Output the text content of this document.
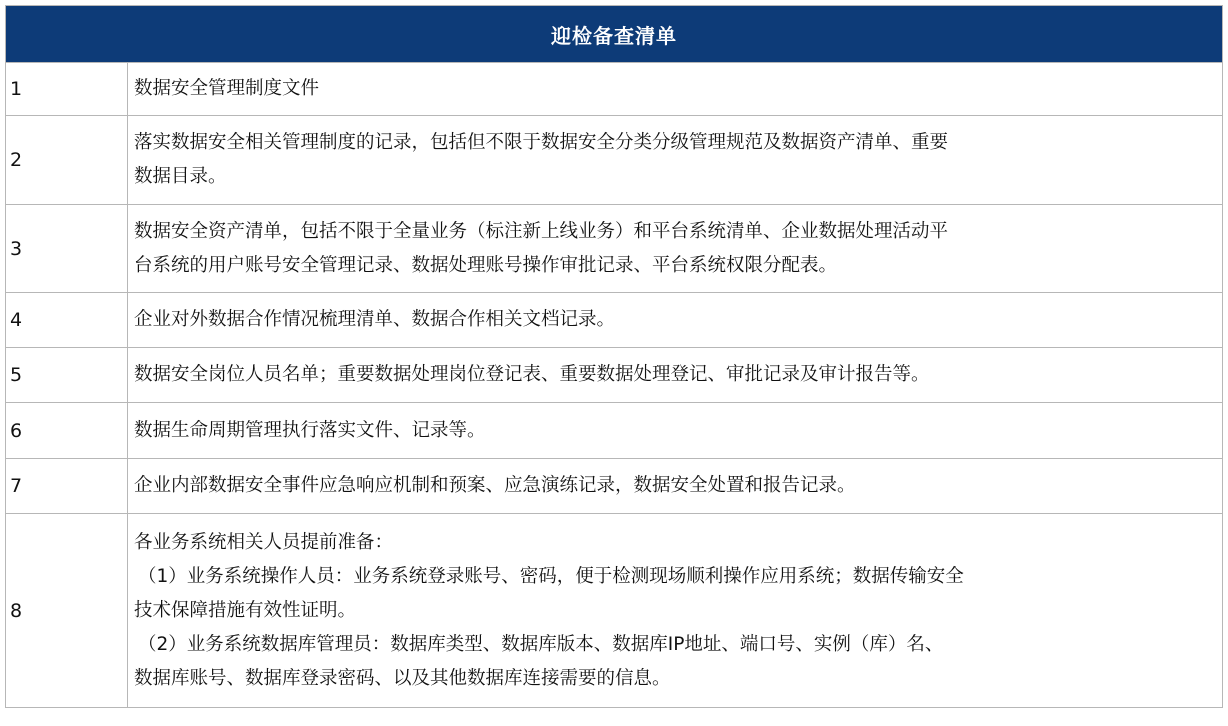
迎检备查清单	
1	数据安全管理制度文件
2	落实数据安全相关管理制度的记录，包括但不限于数据安全分类分级管理规范及数据资产清单、重要
数据目录。

3	数据安全资产清单，包括不限于全量业务（标注新上线业务）和平台系统清单、企业数据处理活动平
台系统的用户账号安全管理记录、数据处理账号操作审批记录、平台系统权限分配表。

4	企业对外数据合作情况梳理清单、数据合作相关文档记录。
5	数据安全岗位人员名单；重要数据处理岗位登记表、重要数据处理登记、审批记录及审计报告等。
6	数据生命周期管理执行落实文件、记录等。
7	企业内部数据安全事件应急响应机制和预案、应急演练记录，数据安全处置和报告记录。
8	各业务系统相关人员提前准备：
（1）业务系统操作人员：业务系统登录账号、密码，便于检测现场顺利操作应用系统；数据传输安全
技术保障措施有效性证明。
（2）业务系统数据库管理员：数据库类型、数据库版本、数据库IP地址、端口号、实例（库）名、
数据库账号、数据库登录密码、以及其他数据库连接需要的信息。
